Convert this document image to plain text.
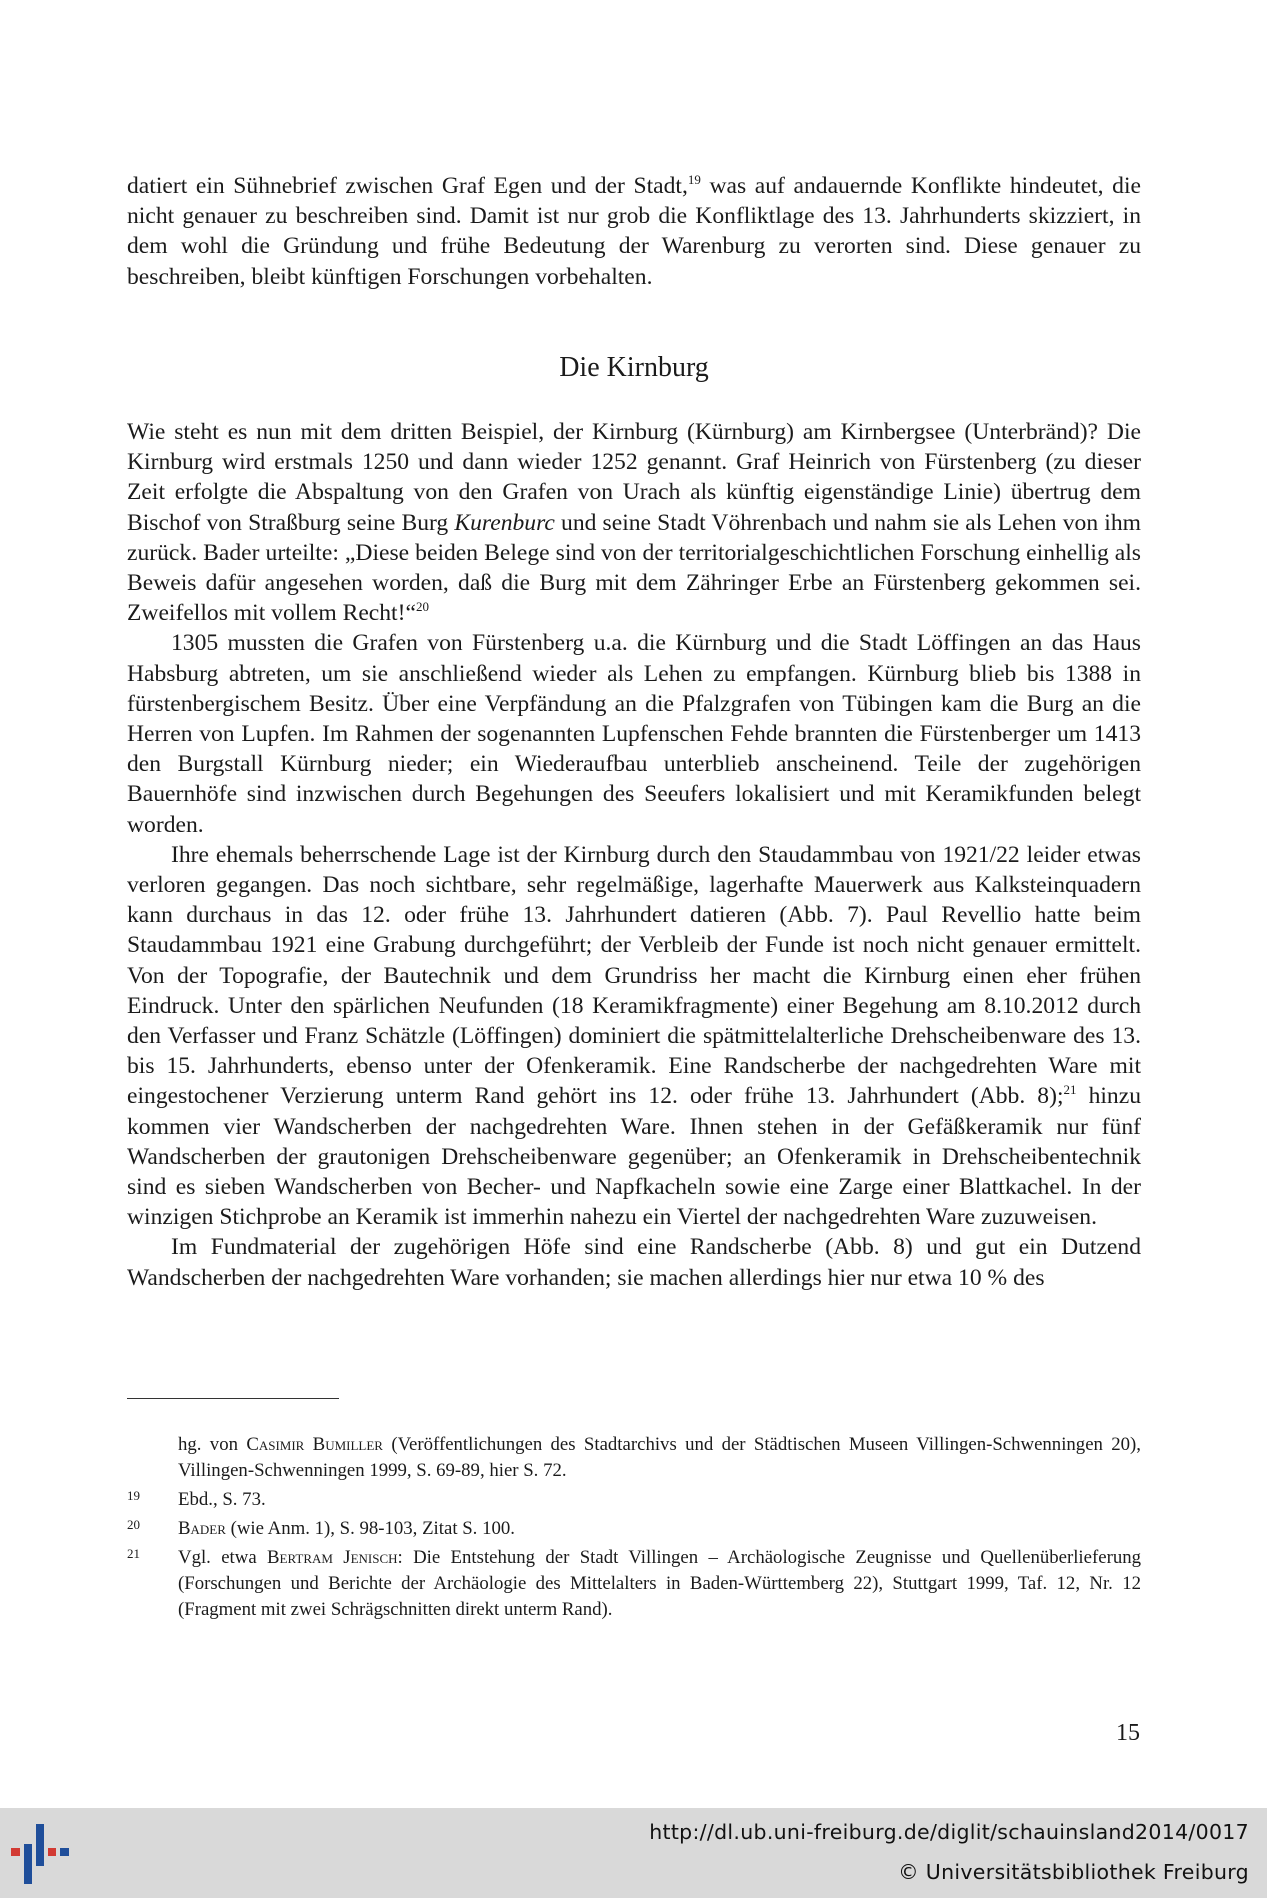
datiert ein Sühnebrief zwischen Graf Egen und der Stadt,$^{19}$ was auf andauernde Konflikte hindeutet, die nicht genauer zu beschreiben sind. Damit ist nur grob die Konfliktlage des 13. Jahrhunderts skizziert, in dem wohl die Gründung und frühe Bedeutung der Warenburg zu verorten sind. Diese genauer zu beschreiben, bleibt künftigen Forschungen vorbehalten.

Die Kirnburg

Wie steht es nun mit dem dritten Beispiel, der Kirnburg (Kürnburg) am Kirnbergsee (Unterbränd)? Die Kirnburg wird erstmals 1250 und dann wieder 1252 genannt. Graf Heinrich von Fürstenberg (zu dieser Zeit erfolgte die Abspaltung von den Grafen von Urach als künftig eigenständige Linie) übertrug dem Bischof von Straßburg seine Burg Kurenburc und seine Stadt Vöhrenbach und nahm sie als Lehen von ihm zurück. Bader urteilte: „Diese beiden Belege sind von der territorialgeschichtlichen Forschung einhellig als Beweis dafür angesehen worden, daß die Burg mit dem Zähringer Erbe an Fürstenberg gekommen sei. Zweifellos mit vollem Recht!“$^{20}$

1305 mussten die Grafen von Fürstenberg u.a. die Kürnburg und die Stadt Löffingen an das Haus Habsburg abtreten, um sie anschließend wieder als Lehen zu empfangen. Kürnburg blieb bis 1388 in fürstenbergischem Besitz. Über eine Verpfändung an die Pfalzgrafen von Tübingen kam die Burg an die Herren von Lupfen. Im Rahmen der sogenannten Lupfenschen Fehde brannten die Fürstenberger um 1413 den Burgstall Kürnburg nieder; ein Wiederaufbau unterblieb anscheinend. Teile der zugehörigen Bauernhöfe sind inzwischen durch Begehungen des Seeufers lokalisiert und mit Keramikfunden belegt worden.

Ihre ehemals beherrschende Lage ist der Kirnburg durch den Staudammbau von 1921/22 leider etwas verloren gegangen. Das noch sichtbare, sehr regelmäßige, lagerhafte Mauerwerk aus Kalksteinquadern kann durchaus in das 12. oder frühe 13. Jahrhundert datieren (Abb. 7). Paul Revellio hatte beim Staudammbau 1921 eine Grabung durchgeführt; der Verbleib der Funde ist noch nicht genauer ermittelt. Von der Topografie, der Bautechnik und dem Grundriss her macht die Kirnburg einen eher frühen Eindruck. Unter den spärlichen Neufunden (18 Keramikfragmente) einer Begehung am 8.10.2012 durch den Verfasser und Franz Schätzle (Löffingen) dominiert die spätmittelalterliche Drehscheibenware des 13. bis 15. Jahrhunderts, ebenso unter der Ofenkeramik. Eine Randscherbe der nachgedrehten Ware mit eingestochener Verzierung unterm Rand gehört ins 12. oder frühe 13. Jahrhundert (Abb. 8);$^{21}$ hinzu kommen vier Wandscherben der nachgedrehten Ware. Ihnen stehen in der Gefäßkeramik nur fünf Wandscherben der grautonigen Drehscheibenware gegenüber; an Ofenkeramik in Drehscheibentechnik sind es sieben Wandscherben von Becher- und Napfkacheln sowie eine Zarge einer Blattkachel. In der winzigen Stichprobe an Keramik ist immerhin nahezu ein Viertel der nachgedrehten Ware zuzuweisen.

Im Fundmaterial der zugehörigen Höfe sind eine Randscherbe (Abb. 8) und gut ein Dutzend Wandscherben der nachgedrehten Ware vorhanden; sie machen allerdings hier nur etwa 10 % des

hg. von Casimir Bumiller (Veröffentlichungen des Stadtarchivs und der Städtischen Museen Villingen-Schwenningen 20), Villingen-Schwenningen 1999, S. 69-89, hier S. 72.

19 Ebd., S. 73.

20 Bader (wie Anm. 1), S. 98-103, Zitat S. 100.

21 Vgl. etwa Bertram Jenisch: Die Entstehung der Stadt Villingen – Archäologische Zeugnisse und Quellenüberlieferung (Forschungen und Berichte der Archäologie des Mittelalters in Baden-Württemberg 22), Stuttgart 1999, Taf. 12, Nr. 12 (Fragment mit zwei Schrägschnitten direkt unterm Rand).

15
http://dl.ub.uni-freiburg.de/diglit/schauinsland2014/0017
© Universitätsbibliothek Freiburg
